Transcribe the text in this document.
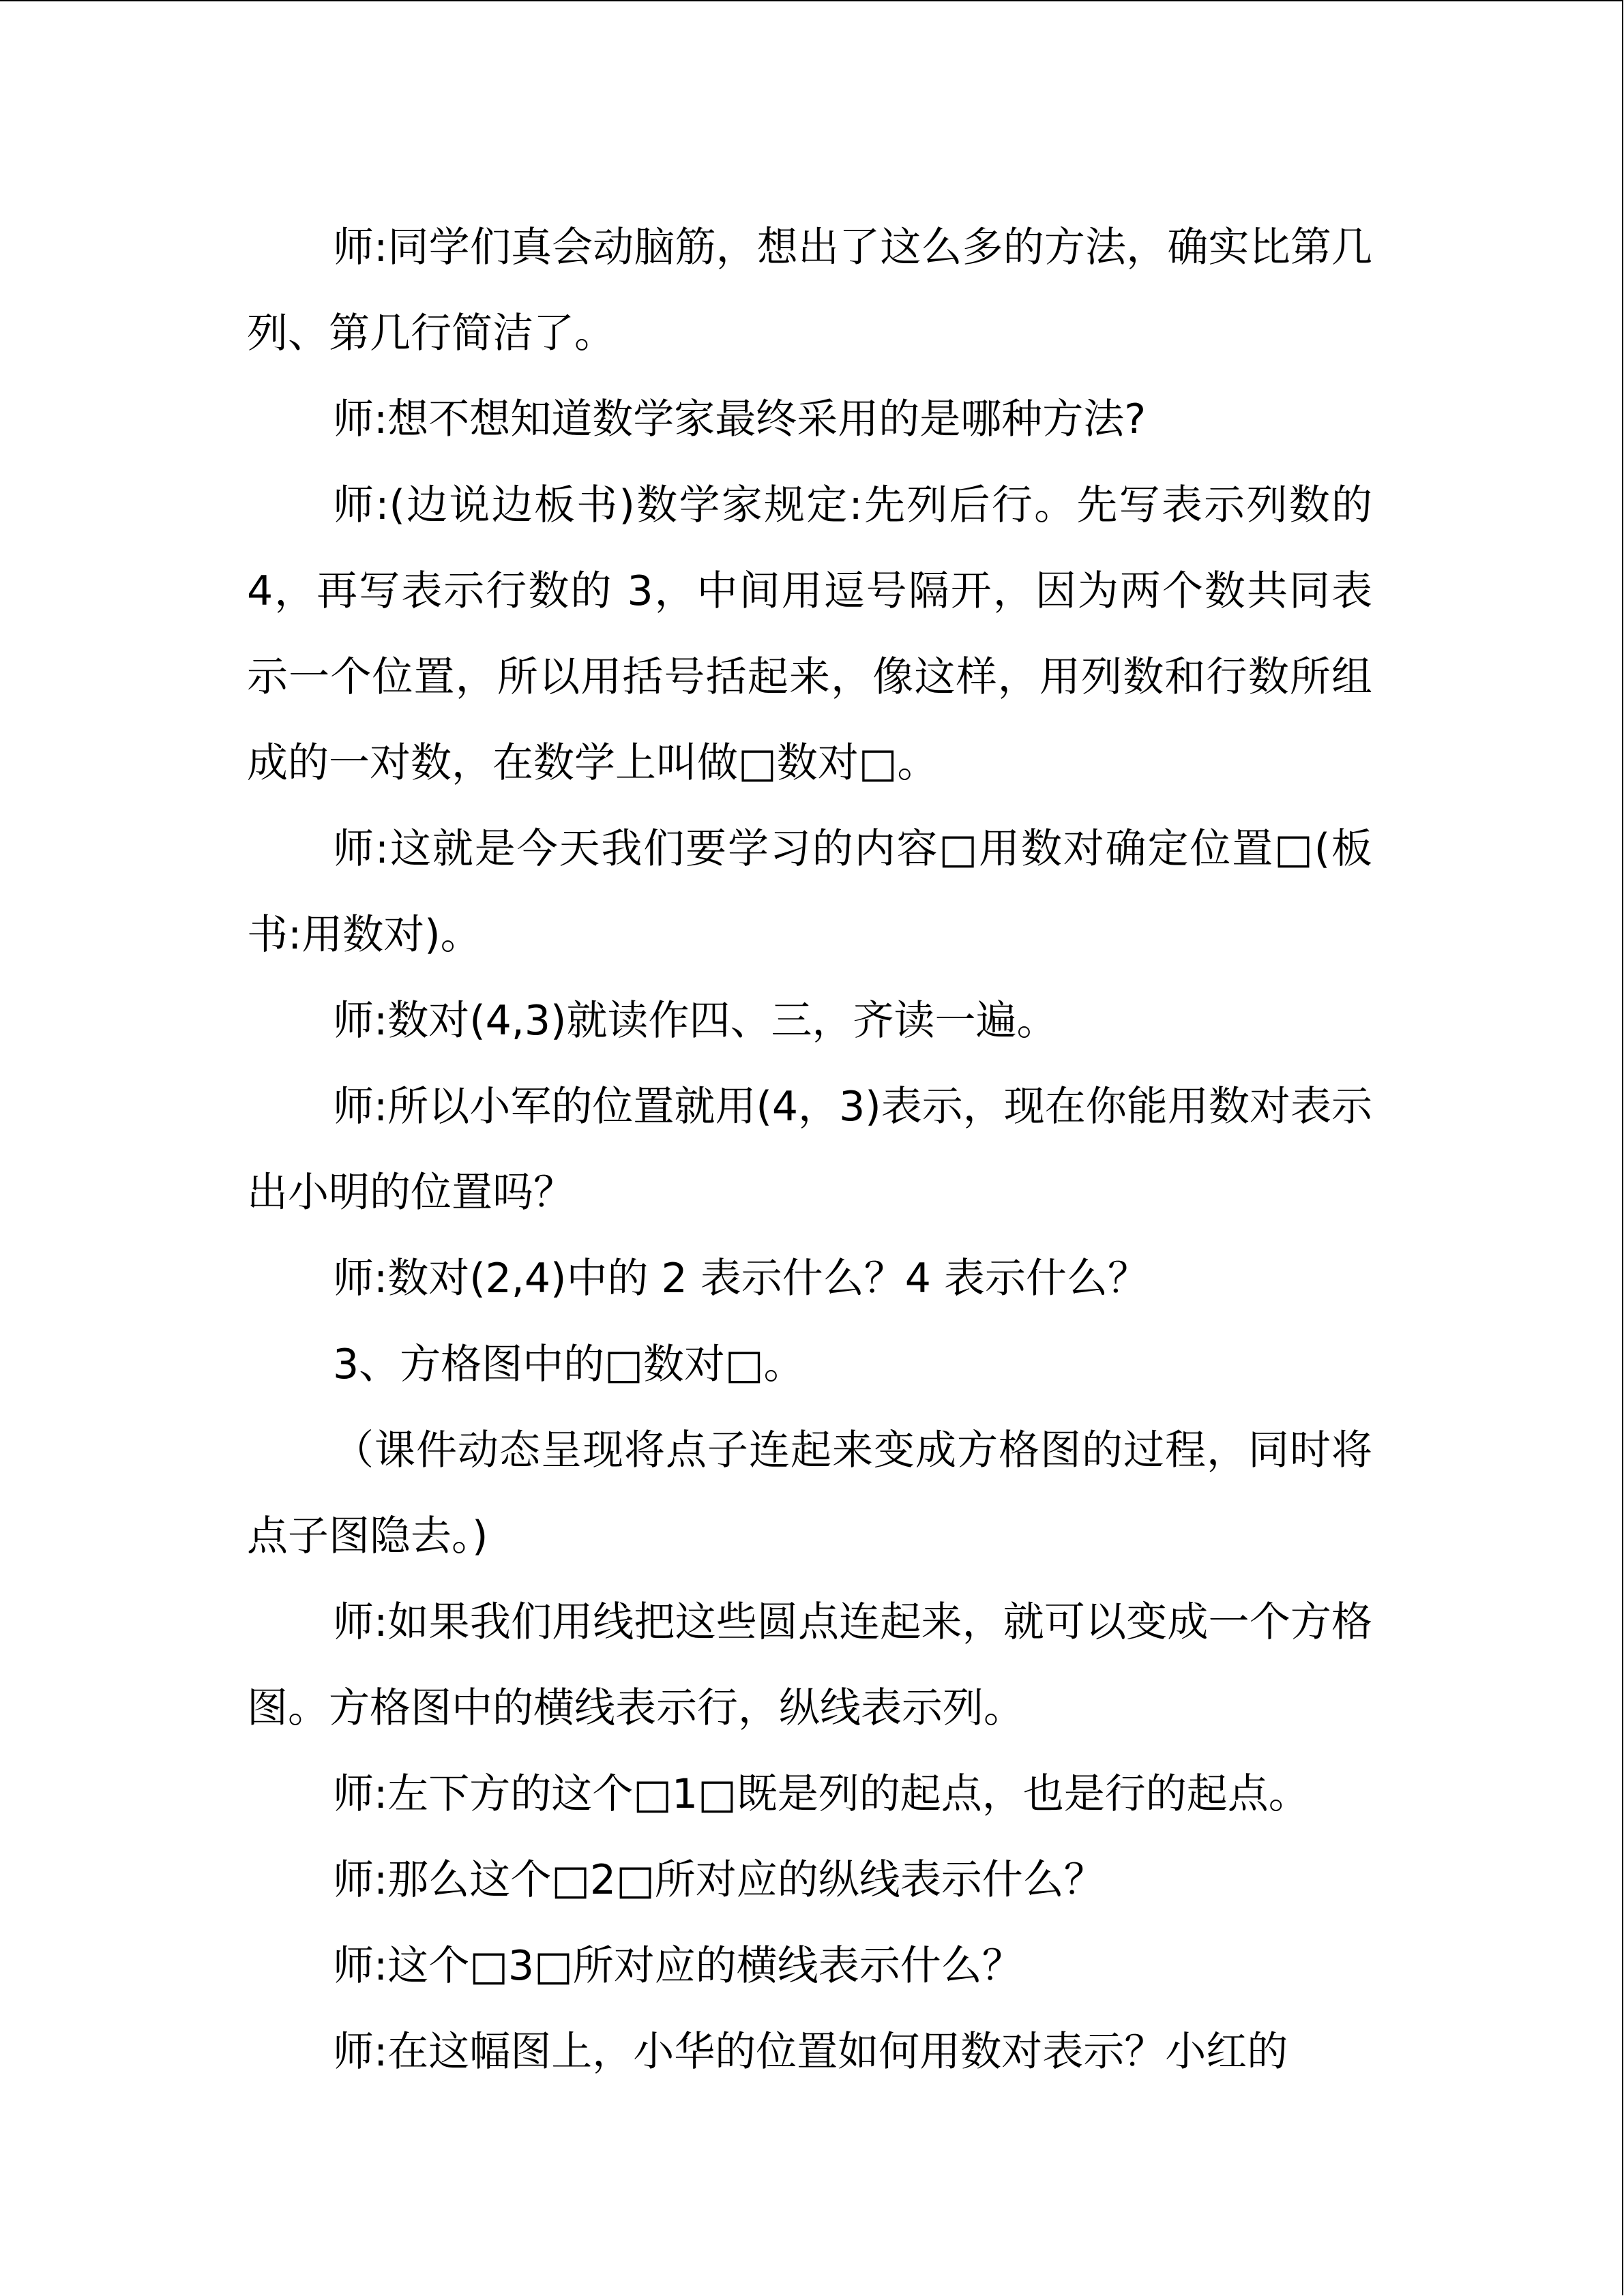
师:同学们真会动脑筋，想出了这么多的方法，确实比第几列、第几行简洁了。

师:想不想知道数学家最终采用的是哪种方法?

师:(边说边板书)数学家规定:先列后行。先写表示列数的 4，再写表示行数的 3，中间用逗号隔开，因为两个数共同表示一个位置，所以用括号括起来，像这样，用列数和行数所组成的一对数，在数学上叫做□数对□。

师:这就是今天我们要学习的内容□用数对确定位置□(板书:用数对)。

师:数对(4,3)就读作四、三，齐读一遍。

师:所以小军的位置就用(4，3)表示，现在你能用数对表示出小明的位置吗？

师:数对(2,4)中的 2 表示什么？4 表示什么？

3、方格图中的□数对□。

（课件动态呈现将点子连起来变成方格图的过程，同时将点子图隐去。)

师:如果我们用线把这些圆点连起来，就可以变成一个方格图。方格图中的横线表示行，纵线表示列。

师:左下方的这个□1□既是列的起点，也是行的起点。

师:那么这个□2□所对应的纵线表示什么？

师:这个□3□所对应的横线表示什么？

师:在这幅图上，小华的位置如何用数对表示？小红的
